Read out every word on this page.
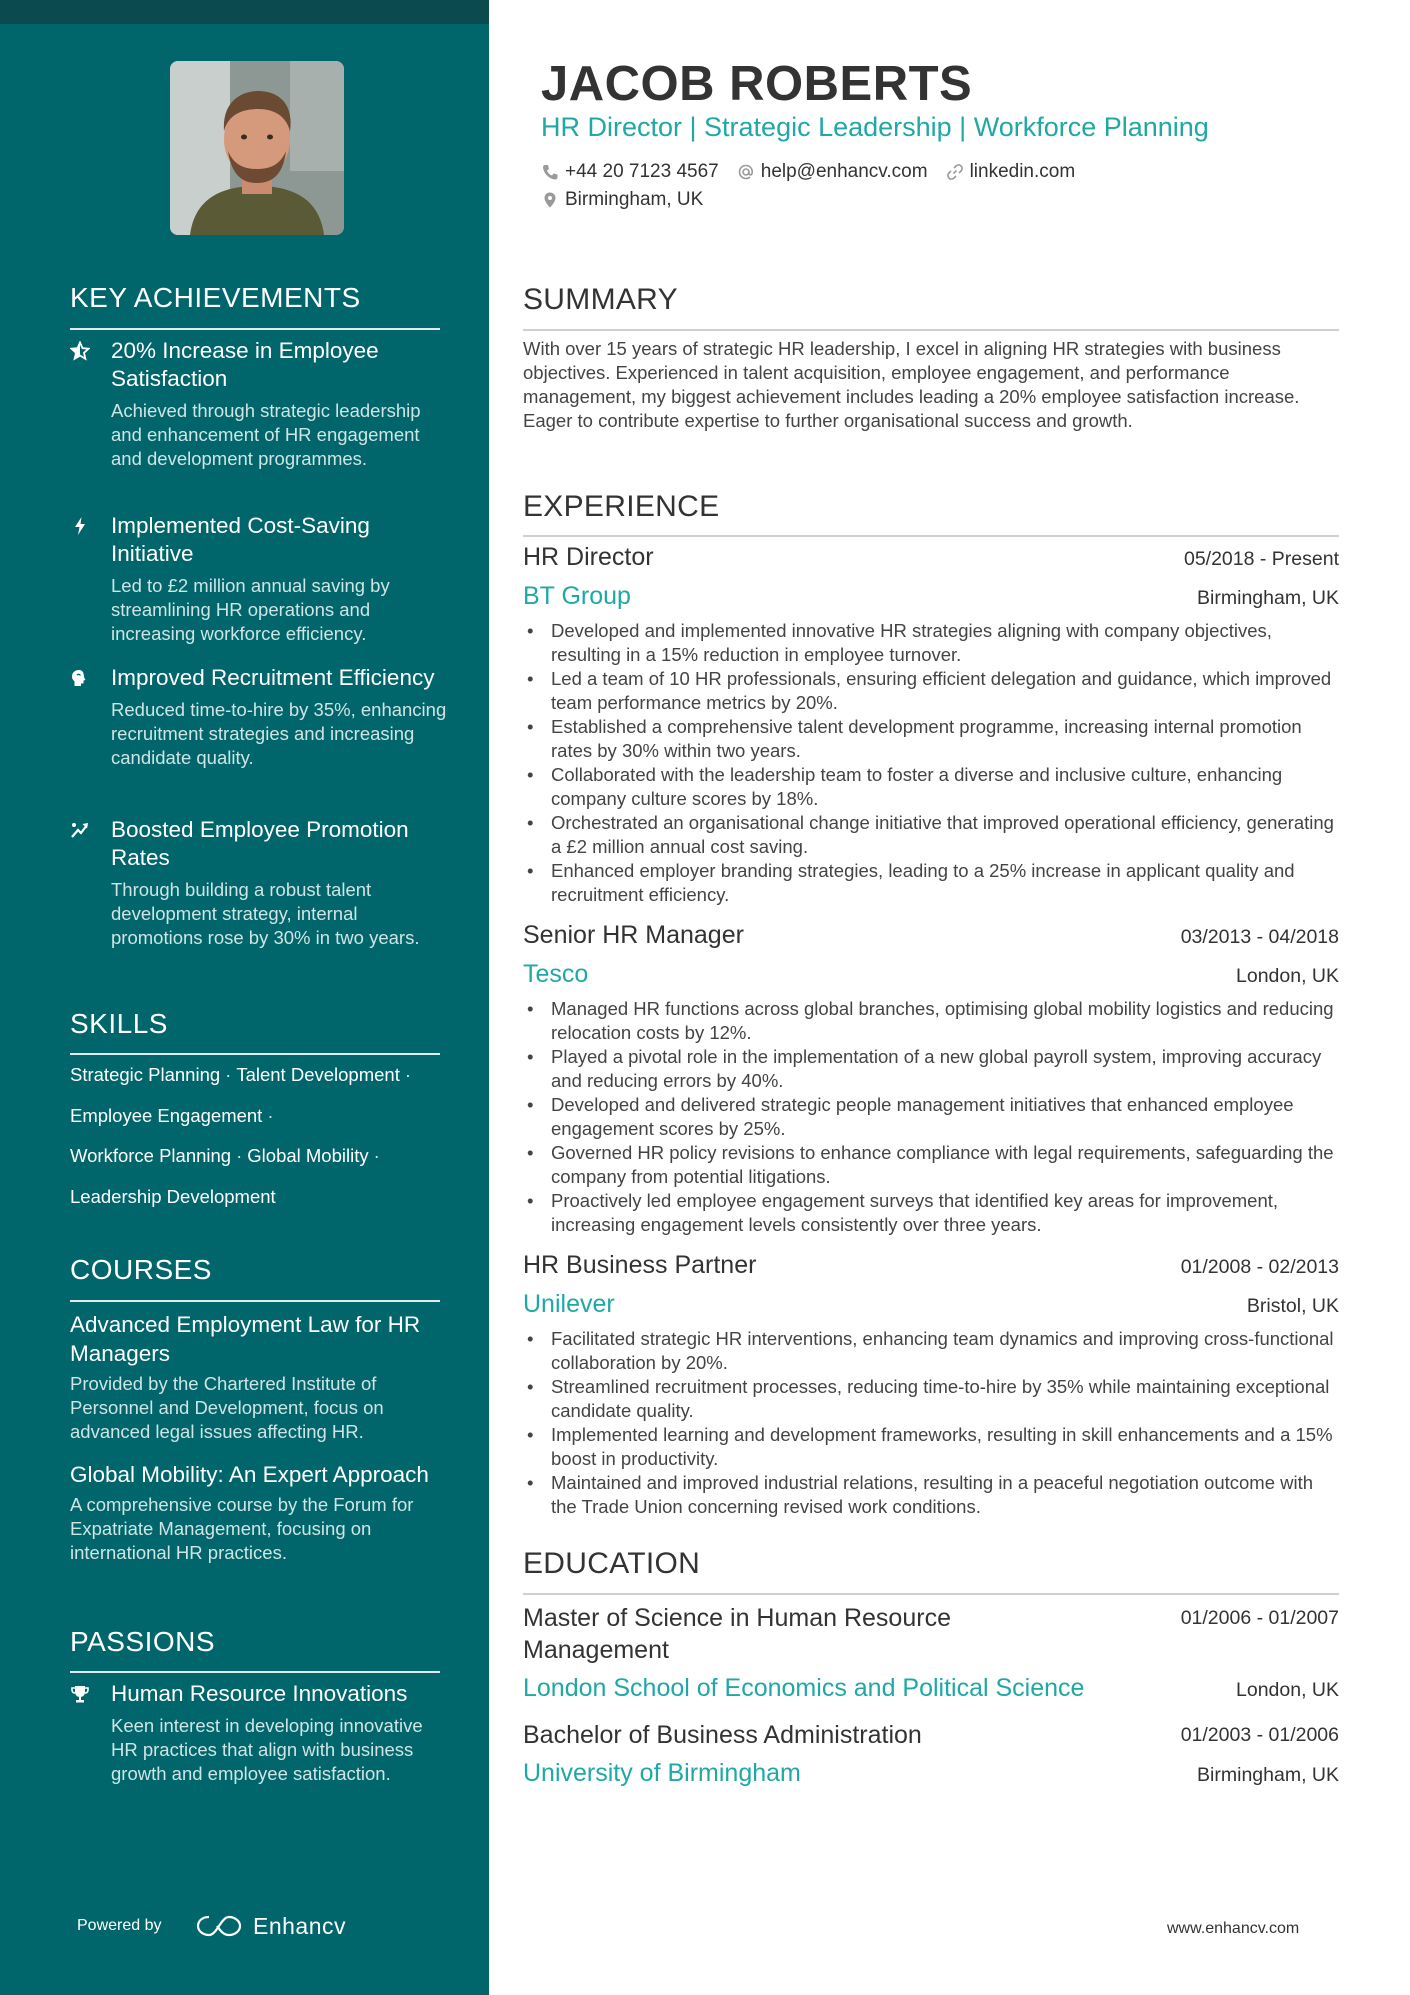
KEY ACHIEVEMENTS
20% Increase in Employee Satisfaction
Achieved through strategic leadership and enhancement of HR engagement and development programmes.
Implemented Cost-Saving Initiative
Led to £2 million annual saving by streamlining HR operations and increasing workforce efficiency.
Improved Recruitment Efficiency
Reduced time-to-hire by 35%, enhancing recruitment strategies and increasing candidate quality.
Boosted Employee Promotion Rates
Through building a robust talent development strategy, internal promotions rose by 30% in two years.
SKILLS
Strategic Planning · Talent Development ·
Employee Engagement ·
Workforce Planning · Global Mobility ·
Leadership Development
COURSES
Advanced Employment Law for HR Managers
Provided by the Chartered Institute of Personnel and Development, focus on advanced legal issues affecting HR.
Global Mobility: An Expert Approach
A comprehensive course by the Forum for Expatriate Management, focusing on international HR practices.
PASSIONS
Human Resource Innovations
Keen interest in developing innovative HR practices that align with business growth and employee satisfaction.
Powered by	Enhancv
JACOB ROBERTS
HR Director | Strategic Leadership | Workforce Planning
+44 20 7123 4567 help@enhancv.com linkedin.com
Birmingham, UK
SUMMARY
With over 15 years of strategic HR leadership, I excel in aligning HR strategies with business objectives. Experienced in talent acquisition, employee engagement, and performance management, my biggest achievement includes leading a 20% employee satisfaction increase. Eager to contribute expertise to further organisational success and growth.
EXPERIENCE
HR Director	05/2018 - Present
BT Group	Birmingham, UK
• Developed and implemented innovative HR strategies aligning with company objectives, resulting in a 15% reduction in employee turnover.
• Led a team of 10 HR professionals, ensuring efficient delegation and guidance, which improved team performance metrics by 20%.
• Established a comprehensive talent development programme, increasing internal promotion rates by 30% within two years.
• Collaborated with the leadership team to foster a diverse and inclusive culture, enhancing company culture scores by 18%.
• Orchestrated an organisational change initiative that improved operational efficiency, generating a £2 million annual cost saving.
• Enhanced employer branding strategies, leading to a 25% increase in applicant quality and recruitment efficiency.
Senior HR Manager	03/2013 - 04/2018
Tesco	London, UK
• Managed HR functions across global branches, optimising global mobility logistics and reducing relocation costs by 12%.
• Played a pivotal role in the implementation of a new global payroll system, improving accuracy and reducing errors by 40%.
• Developed and delivered strategic people management initiatives that enhanced employee engagement scores by 25%.
• Governed HR policy revisions to enhance compliance with legal requirements, safeguarding the company from potential litigations.
• Proactively led employee engagement surveys that identified key areas for improvement, increasing engagement levels consistently over three years.
HR Business Partner	01/2008 - 02/2013
Unilever	Bristol, UK
• Facilitated strategic HR interventions, enhancing team dynamics and improving cross-functional collaboration by 20%.
• Streamlined recruitment processes, reducing time-to-hire by 35% while maintaining exceptional candidate quality.
• Implemented learning and development frameworks, resulting in skill enhancements and a 15% boost in productivity.
• Maintained and improved industrial relations, resulting in a peaceful negotiation outcome with the Trade Union concerning revised work conditions.
EDUCATION
Master of Science in Human Resource Management
01/2006 - 01/2007
London School of Economics and Political Science	London, UK
Bachelor of Business Administration	01/2003 - 01/2006
University of Birmingham	Birmingham, UK
www.enhancv.com
